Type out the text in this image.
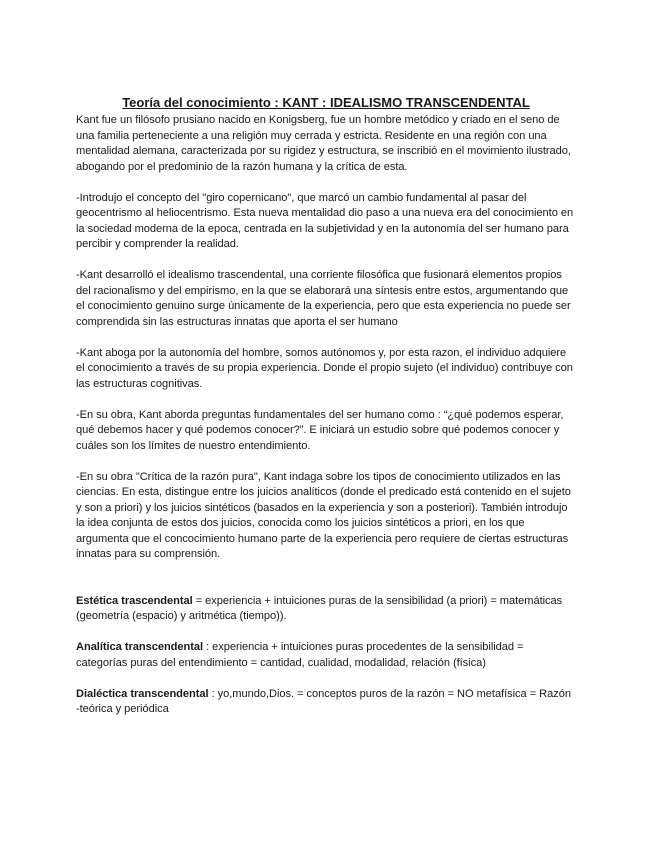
Teoría del conocimiento : KANT : IDEALISMO TRANSCENDENTAL

Kant fue un filósofo prusiano nacido en Konigsberg, fue un hombre metódico y criado en el seno de una familia perteneciente a una religión muy cerrada y estricta. Residente en una región con una mentalidad alemana, caracterizada por su rigidez y estructura, se inscribió en el movimiento ilustrado, abogando por el predominio de la razón humana y la crítica de esta.

-Introdujo el concepto del "giro copernicano", que marcó un cambio fundamental al pasar del geocentrismo al heliocentrismo. Esta nueva mentalidad dio paso a una nueva era del conocimiento en la sociedad moderna de la epoca, centrada en la subjetividad y en la autonomía del ser humano para percibir y comprender la realidad.

-Kant desarrolló el idealismo trascendental, una corriente filosófica que fusionará elementos propios del racionalismo y del empirismo, en la que se elaborará una síntesis entre estos, argumentando que el conocimiento genuino surge únicamente de la experiencia, pero que esta experiencia no puede ser comprendida sin las estructuras innatas que aporta el ser humano

-Kant aboga por la autonomía del hombre, somos autónomos y, por esta razon, el individuo adquiere el conocimiento a través de su propia experiencia. Donde el propio sujeto (el individuo) contribuye con las estructuras cognitivas.

-En su obra, Kant aborda preguntas fundamentales del ser humano como : “¿qué podemos esperar, qué debemos hacer y qué podemos conocer?”. E iniciará un estudio sobre qué podemos conocer y cuáles son los límites de nuestro entendimiento.

-En su obra "Crítica de la razón pura", Kant indaga sobre los tipos de conocimiento utilizados en las ciencias. En esta, distingue entre los juicios analíticos (donde el predicado está contenido en el sujeto y son a priori) y los juicios sintéticos (basados en la experiencia y son a posteriori). También introdujo la idea conjunta de estos dos juicios, conocida como los juicios sintéticos a priori, en los que argumenta que el concocimiento humano parte de la experiencia pero requiere de ciertas estructuras innatas para su comprensión.

Estética trascendental = experiencia + intuiciones puras de la sensibilidad (a priori) = matemáticas (geometría (espacio) y aritmética (tiempo)).

Analítica transcendental : experiencia + intuiciones puras procedentes de la sensibilidad = categorías puras del entendimiento = cantidad, cualidad, modalidad, relación (física)

Dialéctica transcendental : yo,mundo,Dios. = conceptos puros de la razón = NO metafísica = Razón -teórica y periódica
